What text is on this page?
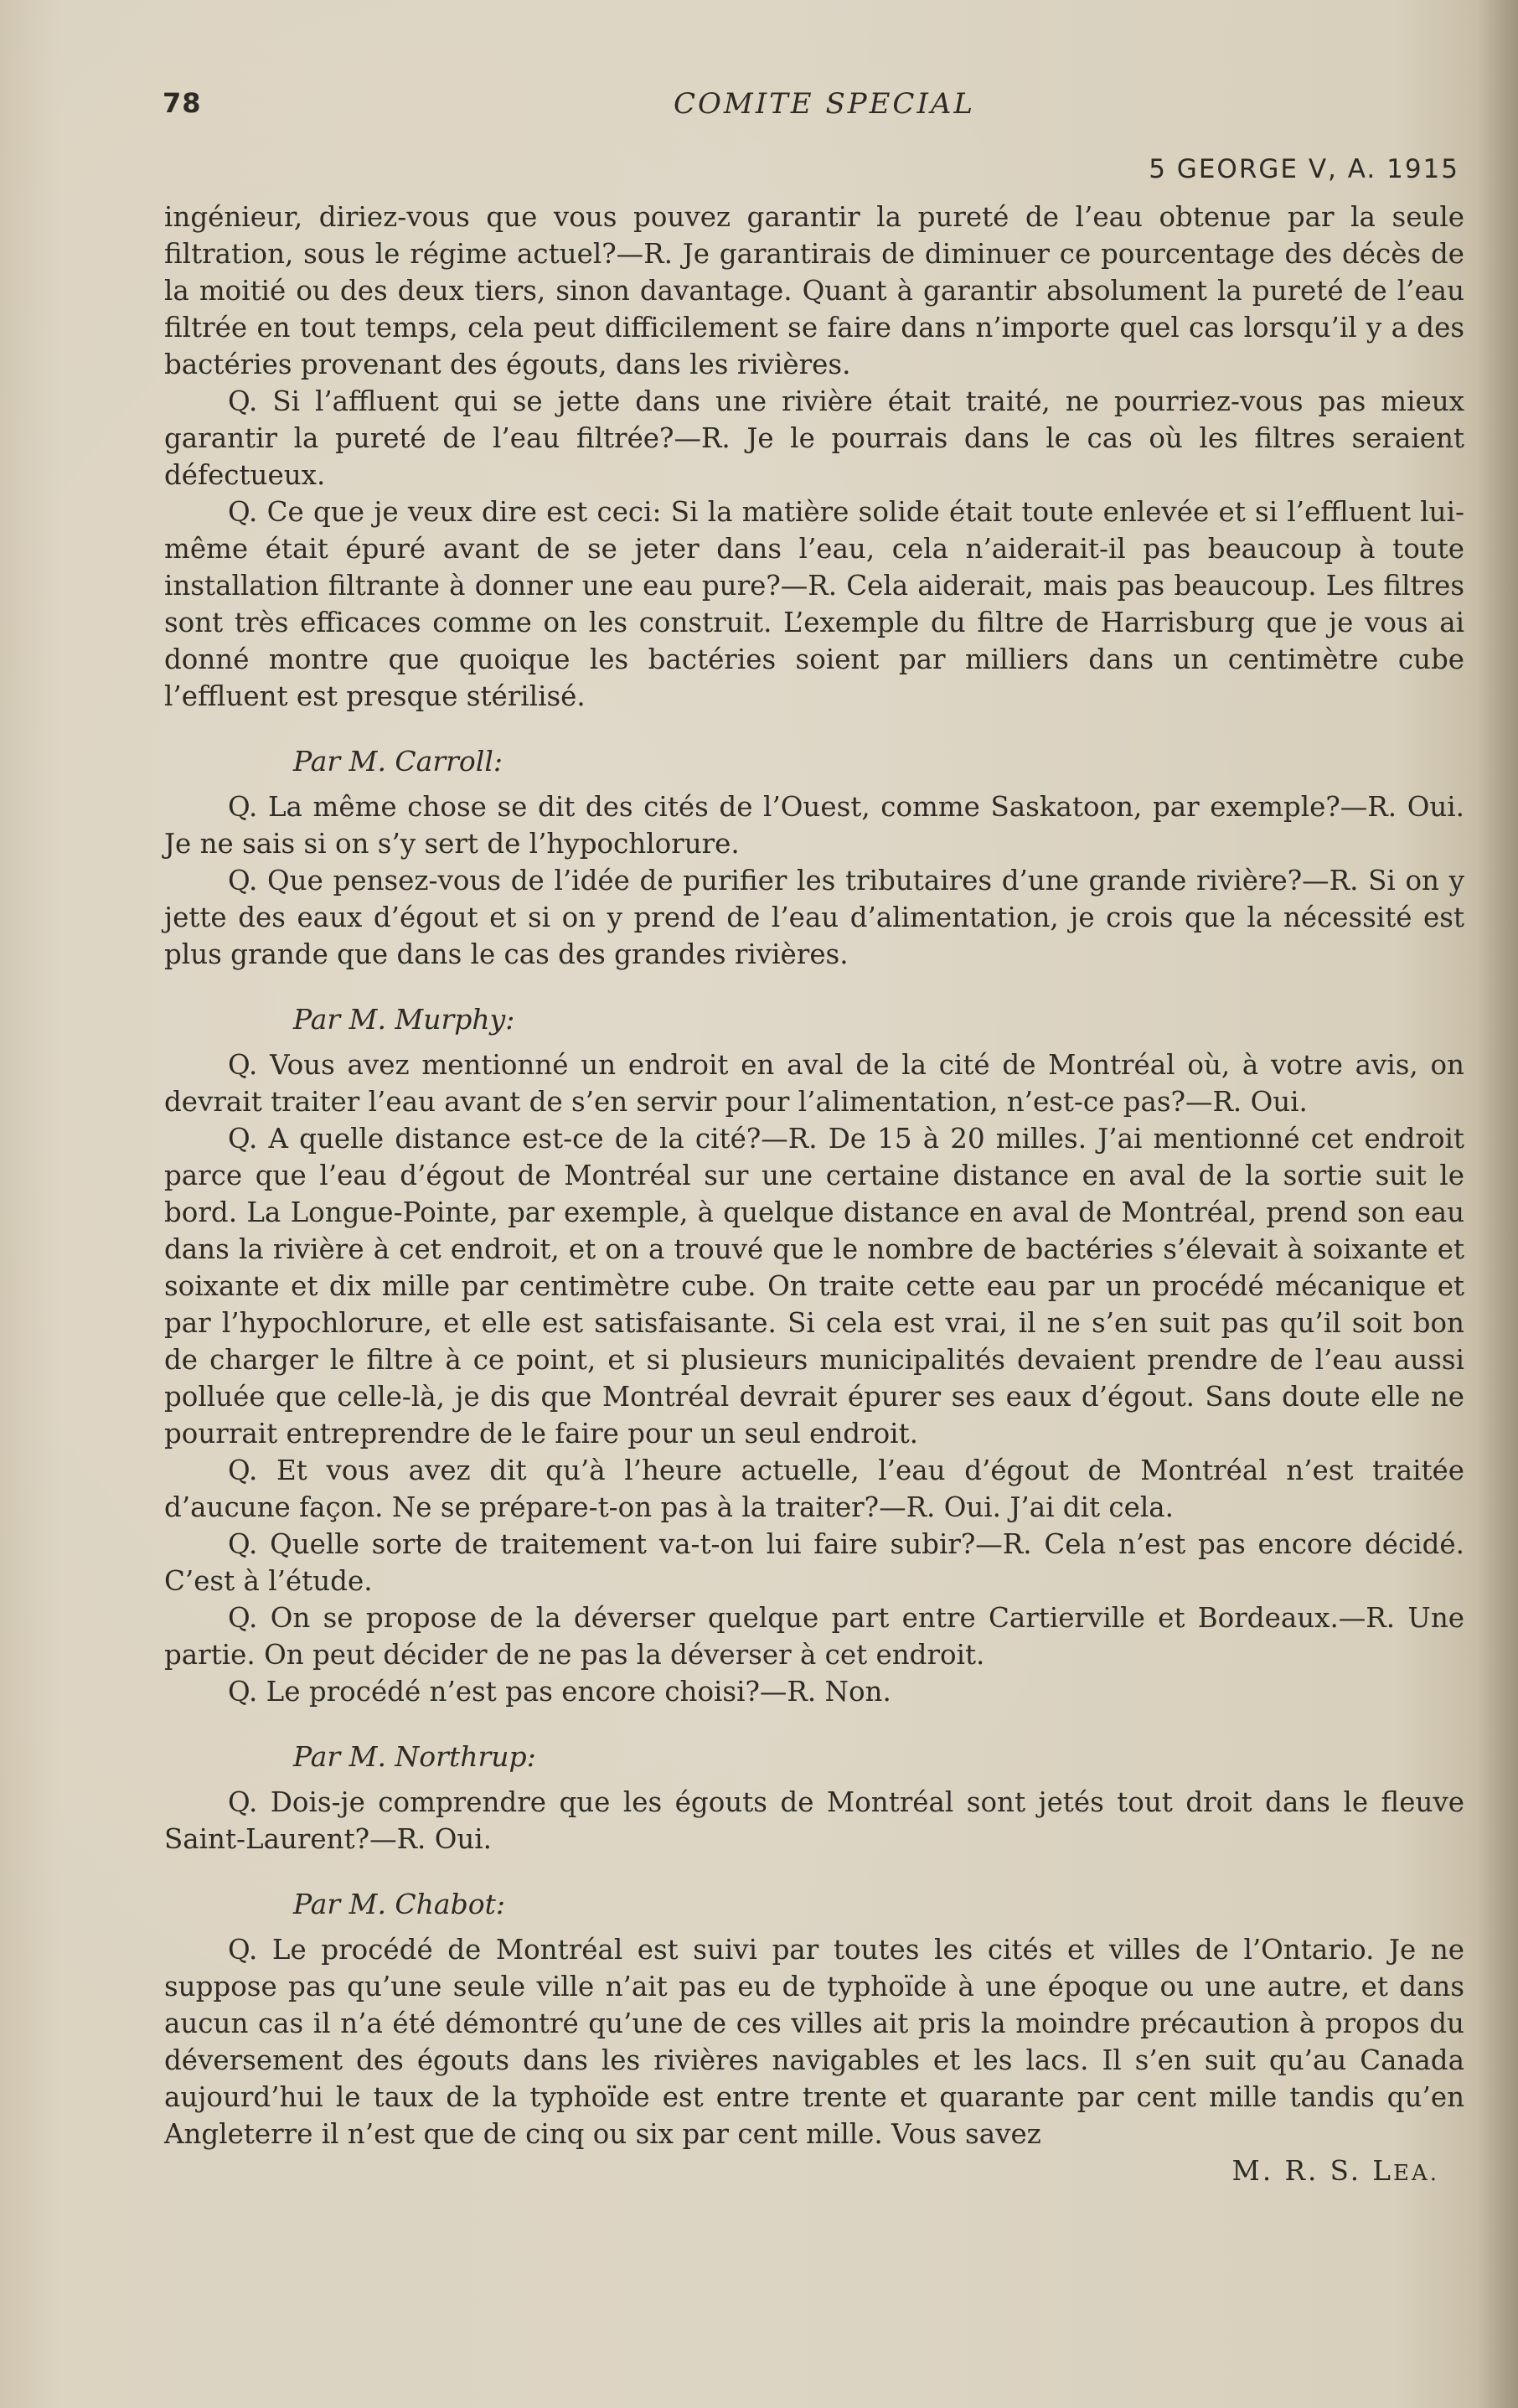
78	COMITE SPECIAL
5 GEORGE V, A. 1915

ingénieur, diriez-vous que vous pouvez garantir la pureté de l’eau obtenue par la seule filtration, sous le régime actuel?—R. Je garantirais de diminuer ce pourcentage des décès de la moitié ou des deux tiers, sinon davantage. Quant à garantir absolument la pureté de l’eau filtrée en tout temps, cela peut difficilement se faire dans n’importe quel cas lorsqu’il y a des bactéries provenant des égouts, dans les rivières.

Q. Si l’affluent qui se jette dans une rivière était traité, ne pourriez-vous pas mieux garantir la pureté de l’eau filtrée?—R. Je le pourrais dans le cas où les filtres seraient défectueux.

Q. Ce que je veux dire est ceci: Si la matière solide était toute enlevée et si l’effluent lui-même était épuré avant de se jeter dans l’eau, cela n’aiderait-il pas beaucoup à toute installation filtrante à donner une eau pure?—R. Cela aiderait, mais pas beaucoup. Les filtres sont très efficaces comme on les construit. L’exemple du filtre de Harrisburg que je vous ai donné montre que quoique les bactéries soient par milliers dans un centimètre cube l’effluent est presque stérilisé.

Par M. Carroll:

Q. La même chose se dit des cités de l’Ouest, comme Saskatoon, par exemple?—R. Oui. Je ne sais si on s’y sert de l’hypochlorure.

Q. Que pensez-vous de l’idée de purifier les tributaires d’une grande rivière?—R. Si on y jette des eaux d’égout et si on y prend de l’eau d’alimentation, je crois que la nécessité est plus grande que dans le cas des grandes rivières.

Par M. Murphy:

Q. Vous avez mentionné un endroit en aval de la cité de Montréal où, à votre avis, on devrait traiter l’eau avant de s’en servir pour l’alimentation, n’est-ce pas?—R. Oui.

Q. A quelle distance est-ce de la cité?—R. De 15 à 20 milles. J’ai mentionné cet endroit parce que l’eau d’égout de Montréal sur une certaine distance en aval de la sortie suit le bord. La Longue-Pointe, par exemple, à quelque distance en aval de Montréal, prend son eau dans la rivière à cet endroit, et on a trouvé que le nombre de bactéries s’élevait à soixante et soixante et dix mille par centimètre cube. On traite cette eau par un procédé mécanique et par l’hypochlorure, et elle est satisfaisante. Si cela est vrai, il ne s’en suit pas qu’il soit bon de charger le filtre à ce point, et si plusieurs municipalités devaient prendre de l’eau aussi polluée que celle-là, je dis que Montréal devrait épurer ses eaux d’égout. Sans doute elle ne pourrait entreprendre de le faire pour un seul endroit.

Q. Et vous avez dit qu’à l’heure actuelle, l’eau d’égout de Montréal n’est traitée d’aucune façon. Ne se prépare-t-on pas à la traiter?—R. Oui. J’ai dit cela.

Q. Quelle sorte de traitement va-t-on lui faire subir?—R. Cela n’est pas encore décidé. C’est à l’étude.

Q. On se propose de la déverser quelque part entre Cartierville et Bordeaux.—R. Une partie. On peut décider de ne pas la déverser à cet endroit.

Q. Le procédé n’est pas encore choisi?—R. Non.

Par M. Northrup:

Q. Dois-je comprendre que les égouts de Montréal sont jetés tout droit dans le fleuve Saint-Laurent?—R. Oui.

Par M. Chabot:

Q. Le procédé de Montréal est suivi par toutes les cités et villes de l’Ontario. Je ne suppose pas qu’une seule ville n’ait pas eu de typhoïde à une époque ou une autre, et dans aucun cas il n’a été démontré qu’une de ces villes ait pris la moindre précaution à propos du déversement des égouts dans les rivières navigables et les lacs. Il s’en suit qu’au Canada aujourd’hui le taux de la typhoïde est entre trente et quarante par cent mille tandis qu’en Angleterre il n’est que de cinq ou six par cent mille. Vous savez

M. R. S. LEA.
